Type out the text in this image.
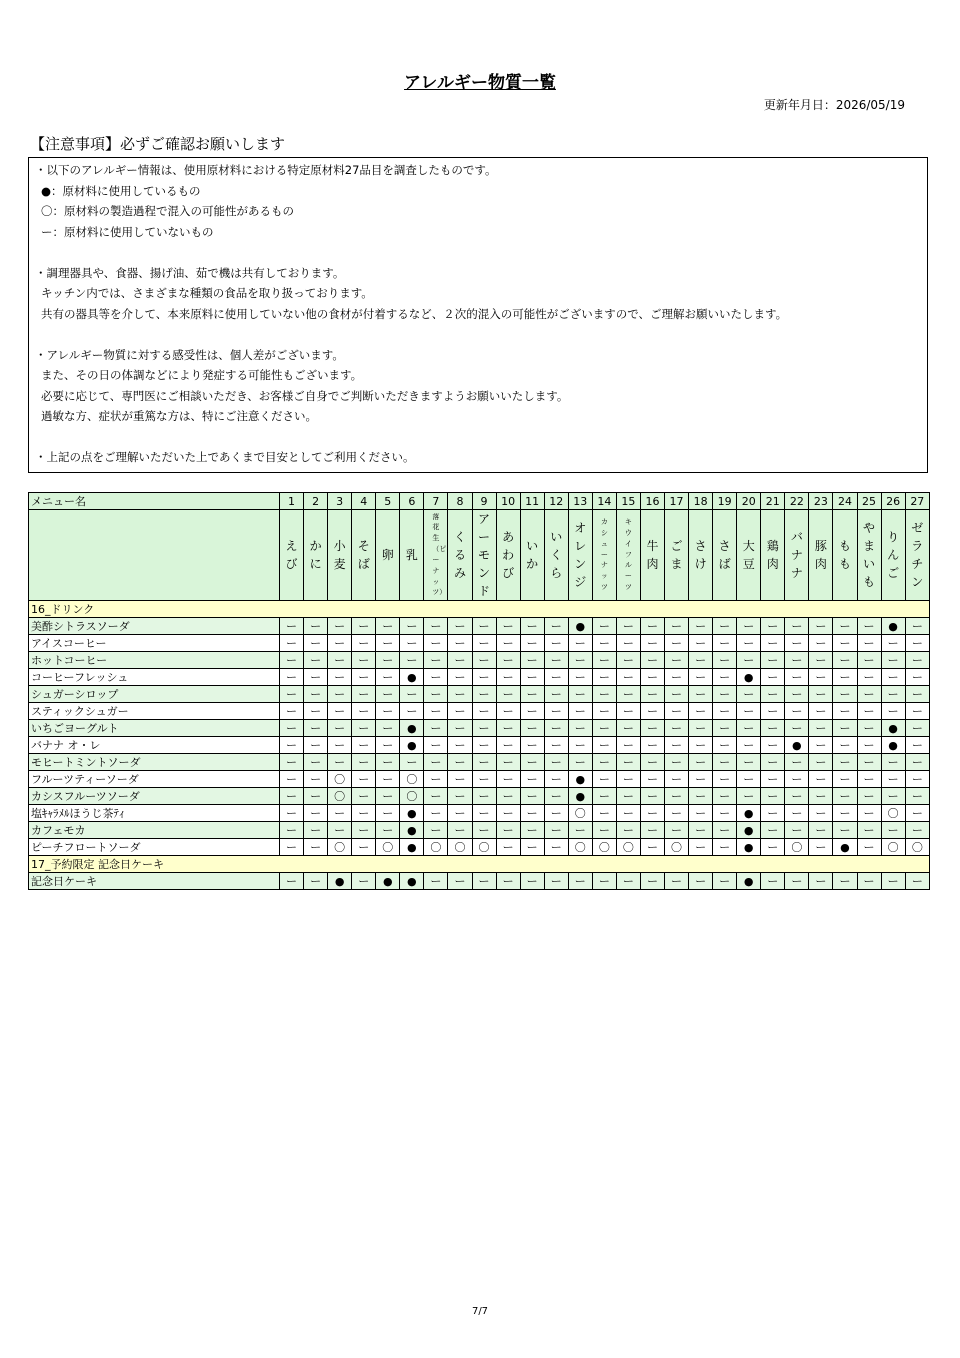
アレルギー物質一覧
更新年月日：2026/05/19
【注意事項】必ずご確認お願いします
・以下のアレルギー情報は、使用原材料における特定原材料27品目を調査したものです。
●：原材料に使用しているもの
〇：原材料の製造過程で混入の可能性があるもの
ー：原材料に使用していないもの

・調理器具や、食器、揚げ油、茹で機は共有しております。
キッチン内では、さまざまな種類の食品を取り扱っております。
共有の器具等を介して、本来原料に使用していない他の食材が付着するなど、２次的混入の可能性がございますので、ご理解お願いいたします。

・アレルギー物質に対する感受性は、個人差がございます。
また、その日の体調などにより発症する可能性もございます。
必要に応じて、専門医にご相談いただき、お客様ご自身でご判断いただきますようお願いいたします。
過敏な方、症状が重篤な方は、特にご注意ください。

・上記の点をご理解いただいた上であくまで目安としてご利用ください。
メニュー名	1	2	3	4	5	6	7	8	9	10	11	12	13	14	15	16	17	18	19	20	21	22	23	24	25	26	27
	えび	かに	小麦	そば	卵	乳	落花生（ピーナッツ）	くるみ	アーモンド	あわび	いか	いくら	オレンジ	カシューナッツ	キウイフルーツ	牛肉	ごま	さけ	さば	大豆	鶏肉	バナナ	豚肉	もも	やまいも	りんご	ゼラチン
16_ドリンク																											
美酢シトラスソーダ	ー	ー	ー	ー	ー	ー	ー	ー	ー	ー	ー	ー	●	ー	ー	ー	ー	ー	ー	ー	ー	ー	ー	ー	ー	●	ー
アイスコーヒー	ー	ー	ー	ー	ー	ー	ー	ー	ー	ー	ー	ー	ー	ー	ー	ー	ー	ー	ー	ー	ー	ー	ー	ー	ー	ー	ー
ホットコーヒー	ー	ー	ー	ー	ー	ー	ー	ー	ー	ー	ー	ー	ー	ー	ー	ー	ー	ー	ー	ー	ー	ー	ー	ー	ー	ー	ー
コーヒーフレッシュ	ー	ー	ー	ー	ー	●	ー	ー	ー	ー	ー	ー	ー	ー	ー	ー	ー	ー	ー	●	ー	ー	ー	ー	ー	ー	ー
シュガーシロップ	ー	ー	ー	ー	ー	ー	ー	ー	ー	ー	ー	ー	ー	ー	ー	ー	ー	ー	ー	ー	ー	ー	ー	ー	ー	ー	ー
スティックシュガー	ー	ー	ー	ー	ー	ー	ー	ー	ー	ー	ー	ー	ー	ー	ー	ー	ー	ー	ー	ー	ー	ー	ー	ー	ー	ー	ー
いちごヨーグルト	ー	ー	ー	ー	ー	●	ー	ー	ー	ー	ー	ー	ー	ー	ー	ー	ー	ー	ー	ー	ー	ー	ー	ー	ー	●	ー
バナナ オ・レ	ー	ー	ー	ー	ー	●	ー	ー	ー	ー	ー	ー	ー	ー	ー	ー	ー	ー	ー	ー	ー	●	ー	ー	ー	●	ー
モヒートミントソーダ	ー	ー	ー	ー	ー	ー	ー	ー	ー	ー	ー	ー	ー	ー	ー	ー	ー	ー	ー	ー	ー	ー	ー	ー	ー	ー	ー
フルーツティーソーダ	ー	ー	〇	ー	ー	〇	ー	ー	ー	ー	ー	ー	●	ー	ー	ー	ー	ー	ー	ー	ー	ー	ー	ー	ー	ー	ー
カシスフルーツソーダ	ー	ー	〇	ー	ー	〇	ー	ー	ー	ー	ー	ー	●	ー	ー	ー	ー	ー	ー	ー	ー	ー	ー	ー	ー	ー	ー
塩ｷｬﾗﾒﾙほうじ茶ﾃｨ	ー	ー	ー	ー	ー	●	ー	ー	ー	ー	ー	ー	〇	ー	ー	ー	ー	ー	ー	●	ー	ー	ー	ー	ー	〇	ー
カフェモカ	ー	ー	ー	ー	ー	●	ー	ー	ー	ー	ー	ー	ー	ー	ー	ー	ー	ー	ー	●	ー	ー	ー	ー	ー	ー	ー
ピーチフロートソーダ	ー	ー	〇	ー	〇	●	〇	〇	〇	ー	ー	ー	〇	〇	〇	ー	〇	ー	ー	●	ー	〇	ー	●	ー	〇	〇
17_予約限定 記念日ケーキ																											
記念日ケーキ	ー	ー	●	ー	●	●	ー	ー	ー	ー	ー	ー	ー	ー	ー	ー	ー	ー	ー	●	ー	ー	ー	ー	ー	ー	ー
7/7
